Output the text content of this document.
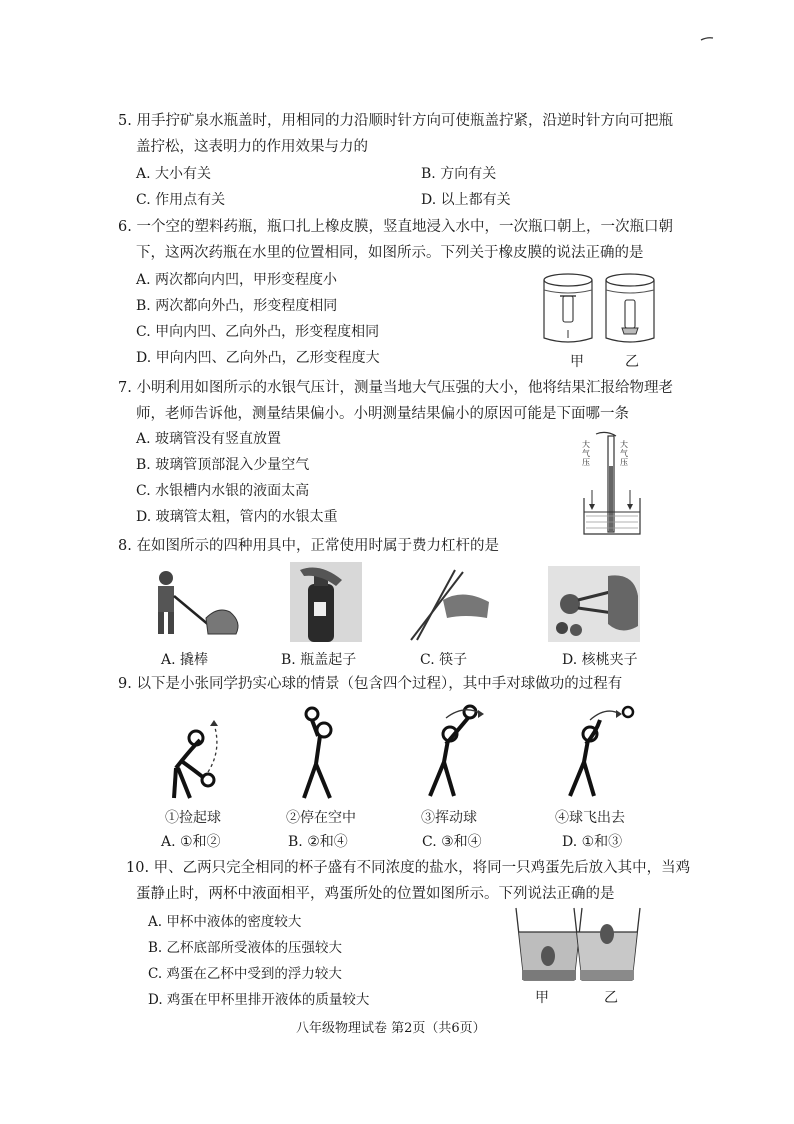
5. 用手拧矿泉水瓶盖时，用相同的力沿顺时针方向可使瓶盖拧紧，沿逆时针方向可把瓶
盖拧松，这表明力的作用效果与力的
A. 大小有关	B. 方向有关
C. 作用点有关	D. 以上都有关
6. 一个空的塑料药瓶，瓶口扎上橡皮膜，竖直地浸入水中，一次瓶口朝上，一次瓶口朝
下，这两次药瓶在水里的位置相同，如图所示。下列关于橡皮膜的说法正确的是
A. 两次都向内凹，甲形变程度小
B. 两次都向外凸，形变程度相同
C. 甲向内凹、乙向外凸，形变程度相同
D. 甲向内凹、乙向外凸，乙形变程度大	甲	乙
7. 小明利用如图所示的水银气压计，测量当地大气压强的大小，他将结果汇报给物理老
师，老师告诉他，测量结果偏小。小明测量结果偏小的原因可能是下面哪一条
A. 玻璃管没有竖直放置
B. 玻璃管顶部混入少量空气
C. 水银槽内水银的液面太高
D. 玻璃管太粗，管内的水银太重
大气压
大气压
8. 在如图所示的四种用具中，正常使用时属于费力杠杆的是
A. 撬棒	B. 瓶盖起子	C. 筷子	D. 核桃夹子
9. 以下是小张同学扔实心球的情景（包含四个过程），其中手对球做功的过程有
①捡起球	②停在空中	③挥动球	④球飞出去
A. ①和②	B. ②和④	C. ③和④	D. ①和③
10. 甲、乙两只完全相同的杯子盛有不同浓度的盐水，将同一只鸡蛋先后放入其中，当鸡
蛋静止时，两杯中液面相平，鸡蛋所处的位置如图所示。下列说法正确的是
A. 甲杯中液体的密度较大
B. 乙杯底部所受液体的压强较大
C. 鸡蛋在乙杯中受到的浮力较大
D. 鸡蛋在甲杯里排开液体的质量较大	甲	乙
八年级物理试卷 第2页（共6页）
